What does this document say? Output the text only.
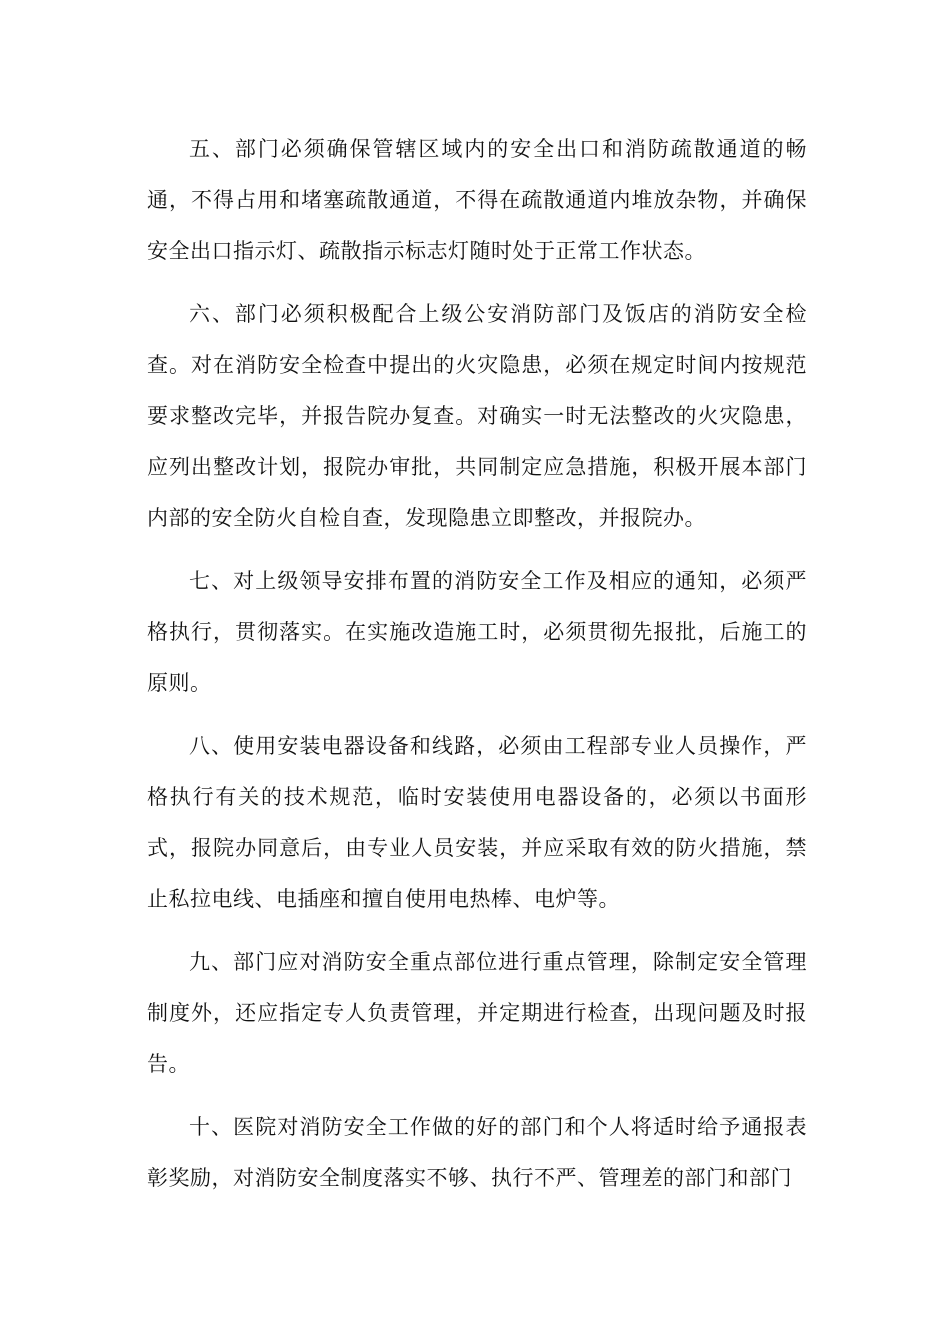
五、部门必须确保管辖区域内的安全出口和消防疏散通道的畅通，不得占用和堵塞疏散通道，不得在疏散通道内堆放杂物，并确保安全出口指示灯、疏散指示标志灯随时处于正常工作状态。

六、部门必须积极配合上级公安消防部门及饭店的消防安全检查。对在消防安全检查中提出的火灾隐患，必须在规定时间内按规范要求整改完毕，并报告院办复查。对确实一时无法整改的火灾隐患，应列出整改计划，报院办审批，共同制定应急措施，积极开展本部门内部的安全防火自检自查，发现隐患立即整改，并报院办。

七、对上级领导安排布置的消防安全工作及相应的通知，必须严格执行，贯彻落实。在实施改造施工时，必须贯彻先报批，后施工的原则。

八、使用安装电器设备和线路，必须由工程部专业人员操作，严格执行有关的技术规范，临时安装使用电器设备的，必须以书面形式，报院办同意后，由专业人员安装，并应采取有效的防火措施，禁止私拉电线、电插座和擅自使用电热棒、电炉等。

九、部门应对消防安全重点部位进行重点管理，除制定安全管理制度外，还应指定专人负责管理，并定期进行检查，出现问题及时报告。

十、医院对消防安全工作做的好的部门和个人将适时给予通报表彰奖励，对消防安全制度落实不够、执行不严、管理差的部门和部门
